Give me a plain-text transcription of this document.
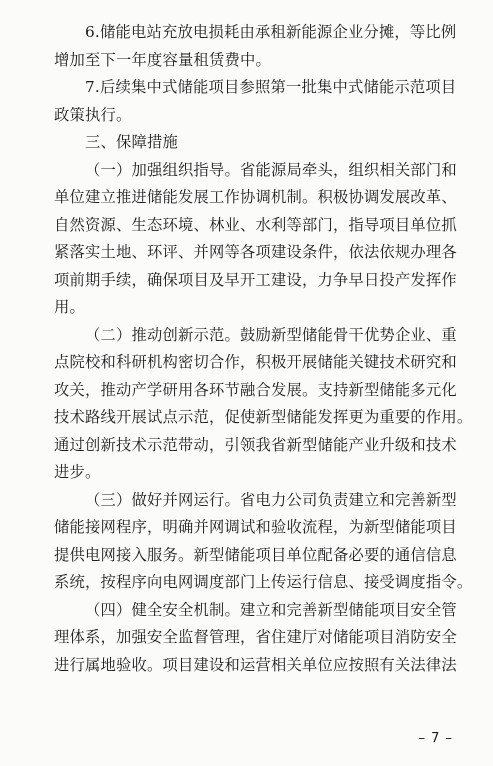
6.储能电站充放电损耗由承租新能源企业分摊，等比例
增加至下一年度容量租赁费中。
7.后续集中式储能项目参照第一批集中式储能示范项目
政策执行。
三、保障措施
（一）加强组织指导。省能源局牵头，组织相关部门和
单位建立推进储能发展工作协调机制。积极协调发展改革、
自然资源、生态环境、林业、水利等部门，指导项目单位抓
紧落实土地、环评、并网等各项建设条件，依法依规办理各
项前期手续，确保项目及早开工建设，力争早日投产发挥作
用。
（二）推动创新示范。鼓励新型储能骨干优势企业、重
点院校和科研机构密切合作，积极开展储能关键技术研究和
攻关，推动产学研用各环节融合发展。支持新型储能多元化
技术路线开展试点示范，促使新型储能发挥更为重要的作用。
通过创新技术示范带动，引领我省新型储能产业升级和技术
进步。
（三）做好并网运行。省电力公司负责建立和完善新型
储能接网程序，明确并网调试和验收流程，为新型储能项目
提供电网接入服务。新型储能项目单位配备必要的通信信息
系统，按程序向电网调度部门上传运行信息、接受调度指令。
（四）健全安全机制。建立和完善新型储能项目安全管
理体系，加强安全监督管理，省住建厅对储能项目消防安全
进行属地验收。项目建设和运营相关单位应按照有关法律法
– 7 –
